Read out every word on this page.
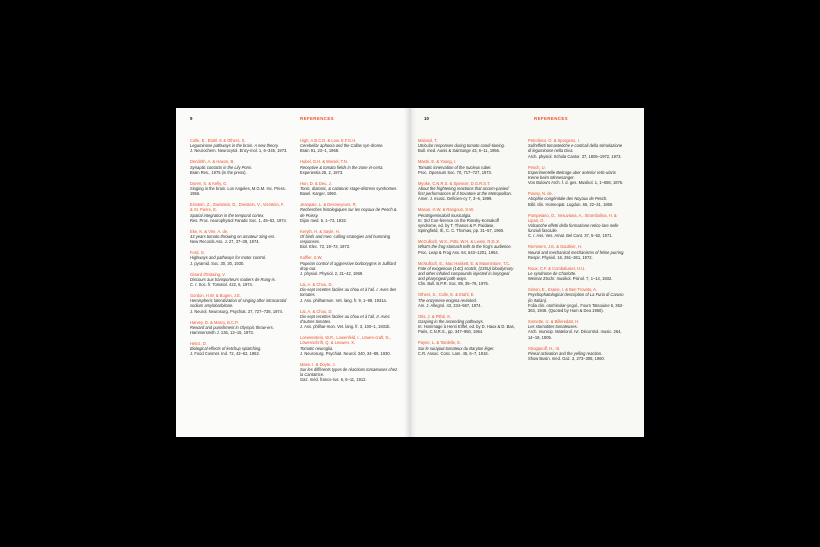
9	REFERENCES
Colle, E., Etahl, E & Others, S.
Leguminose pathways in the brain. A new theory.
J. Neurochem. Neurocytol. Enzy-mol. 1, 6–345, 1973.
Dendrith, A. & Haxon, B.
Synaptic contacts in the Lily Pons.
Brain Res., 1975 (in the press).
Doren, S. & Kelly, G.
Singing in the brain. Los Angeles, M.G.M. Inc. Press. 1956.
Einstein, Z., Zweistein, D., Dreistein, V., Vierstein, F. & St. Pierre, E.
Spatial integration in the temporal cortex.
Res. Proc. neurophysiol Fanatic Soc. 1, 45–52, 1974.
Eke, K. & Vire, A. de.
43 years tomato throwing on amateur Sing-ers.
New Records Ass. J. 27, 37–39, 1974.
Ford, G.
Highways and pathways for motor control.
J. pyramid. Soc. 30, 30, 1930.
Gisard d'Estaing, V.
Discours aux transporteurs routiers de Rung-is.
C. r. Soc. fr. Tomatol. 422, 6, 1974.
Gordon, H.W. & Bogen, J.E.
Hemispheric lateralization of singing after intracarotid sodium amylobarbitone.
J. Neurol. Neurosurg. Psychiat. 37, 727–738, 1974.
Harvey, D. & Marcy, B.C.P.
Reward and punishment in Olympic throw-ers.
Hammersmith J. 136, 12–15, 1973.
Heinz, D.
Biological effects of ketchup splatching.
J. Food Cosmet. Ind. 72, 42–62, 1952.
High, A.B.C.D. & Low, E.F.G.H.
Cerebellar aphonia and the Callas syn-drome.
Brain 91, 23–1, 1968.
Hubel, D.H. & Wiesel, T.N.
Receptive & tomato fields in the zone in-certa.
Experientia 25, 2, 1973.
Hun, D. & Deu, J.
Tonic, diatonic, & catatonic stage-distress syndromes.
Basel. Karger, 1960.
Jeanpaie, L. & Desmeyeurs, R.
Recherches histologiques sur les noyaux de Pesch & de Poissy.
Dijon med. 5, 1–73, 1932.
Keryth, H. & Sayle, H.
Of birds and men: calling strategies and humming responses.
Biol. Elec. 73, 19–73, 1973.
Kuffler, S.W.
Popeian control of aggressive borborygms in Jullilard drop-out.
J. physiol. Physiol. 2, 21–42, 1969.
Lai, A. & Chou, D.
Dix-sept recettes faciles au chou et à l'ail. I. Avec des tomates.
J. Ass. philharmon. Vet. lang. fr. 9, 1–99, 1931a.
Lai, A. & Chou, D.
Dix-sept recettes faciles au chou et à l'ail. II. Avec d'autres tomates.
J. Ass. philhar-mon. Vet. lang. fr. 3, 100–1, 1931b.
Loewenstein, W.R., Lowenfeld, I., Löwen-craft, N., Löwenschrift, Q. & Leuwen, X.
Tomatic neuroglia.
J. Neurosurg. Psychiat. Neurol. 340, 34–89, 1930.
Mase, I. & Doyte, J.
Sur les différents types de réactions tomateuses chez la Cantatrice.
Gaz. méd. franco-rus. 6, 6–11, 1912.
10	REFERENCES
Malosol, T.
Utricular responses during tomato condi-tioning.
Bull. med. Aunis & Saintonge 43, 6–11, 1956.
Mastri, E. & Young, I.
Tomatic innervation of the nucleus ruber.
Proc. Opossum Soc. 70, 717–727, 1973.
Myoke, C.N.R.S. & Spencer, D.G.R.S.T.
About the frightening reactions that accom-panied first performances of Il trovatore at the Metropolitan.
Amer. J. music. Deficien-cy 7, 3–6, 1899.
Mason, H.W. & Rangoun, S.W.
Peratrigeminaloid musicalgia.
In: 3rd Con-ference on the Rimsky-Korsakoff syndrome, ed. by T. Thanos & P. Pixidase, Springfield, Ill., C. C. Thomas, pp. 31–57, 1960.
McCulloch, W.S., Pitts, W.H. & Lewin, R.D.Jr.
What's the frog stomach tells to the frog's audience.
Proc. Leap & Frog Ass. 64, 643–1201, 1964.
McNulloch, E., Mac Haskett, E. & Maxminture, T.C.
Fate of exogenous (14C) scotch, (235U) bloodymary and other inhaled compounds injected in laryngeal and pharyngeal path-ways.
Clin. Bull. B.P.R. Soc. 89, 35–79, 1975.
Others, S., Colle, E. & Etahl, E.
The enzymese enigma revisited.
Am. J. Allegrol. 43, 234–567, 1974.
Otis, J. & Pithé, K.
Gasping in the ascending pathways.
In: Hommage à Henri Eiffel, ed. by D. Haux & D. Bas, Paris, C.N.R.S., pp. 347–950, 1964.
Payne, L. & Tainlelle, E.
Sur le surajout tomateux du Baryton léger.
C.R. Assoc. Conc. Lam. 45, 6–7, 1916.
Petrolisso, O. & Sporgeno, I.
Sull'effetti tomastetiche e corticali della stimolazione di leguminose nella Diva.
Arch. physiol. Schola Cantor. 37, 1805–1972, 1973.
Pesch, U.
Experimentelle Beitrage uber anterior retic-ularis Kerne beim Minnesanger.
Von Bulow's Arch. f. d. ges. Musikol. 1, 1–658, 1876.
Poissy, N. de.
Atrophie congénitale des Noyaux de Pesch.
Bibl. clin. Homeopat. Lugdun. 66, 22–31, 1860.
Pompeiano, O., Vesuviana, A., Strombolina, H. & Lipari, G.
Volcanche effetti della formazione retico-lare nelle funziuli fasciulie.
C. r. Ass. Ves. Amat. Bel Cant. 37, 5–52, 1971.
Remmers, J.E. & Gauthier, H.
Neural and mechanical mechanisms of feline purring.
Respir. Physiol. 16, 351–361, 1972.
Roux, C.F. & Combalusier, H.U.
Le syndrome de Charlotte.
Weimar Ztschr. musikol. Psinol. 7, 1–14, 1932.
Simon, E., Esarie, I. & Beri Trovato, A.
Psychophatological description of La Furia di Caruso (in Italian).
Folia clin. otorhinolar-yngol., Fourn Tatsouine 6, 362-363, 1948. (Quoted by Hum & Deu 1960).
Somette, U. & Billeredatt, H.
Les stomatites tomateuses.
Arch. municip. Matelorol. Ivr. Décontrol. music. 264, 14–18, 1905.
Stroganoff, H., III.
Pineal activation and the yelling reaction.
Show Busin. med. Gaz. 3, 273–308, 1960.
